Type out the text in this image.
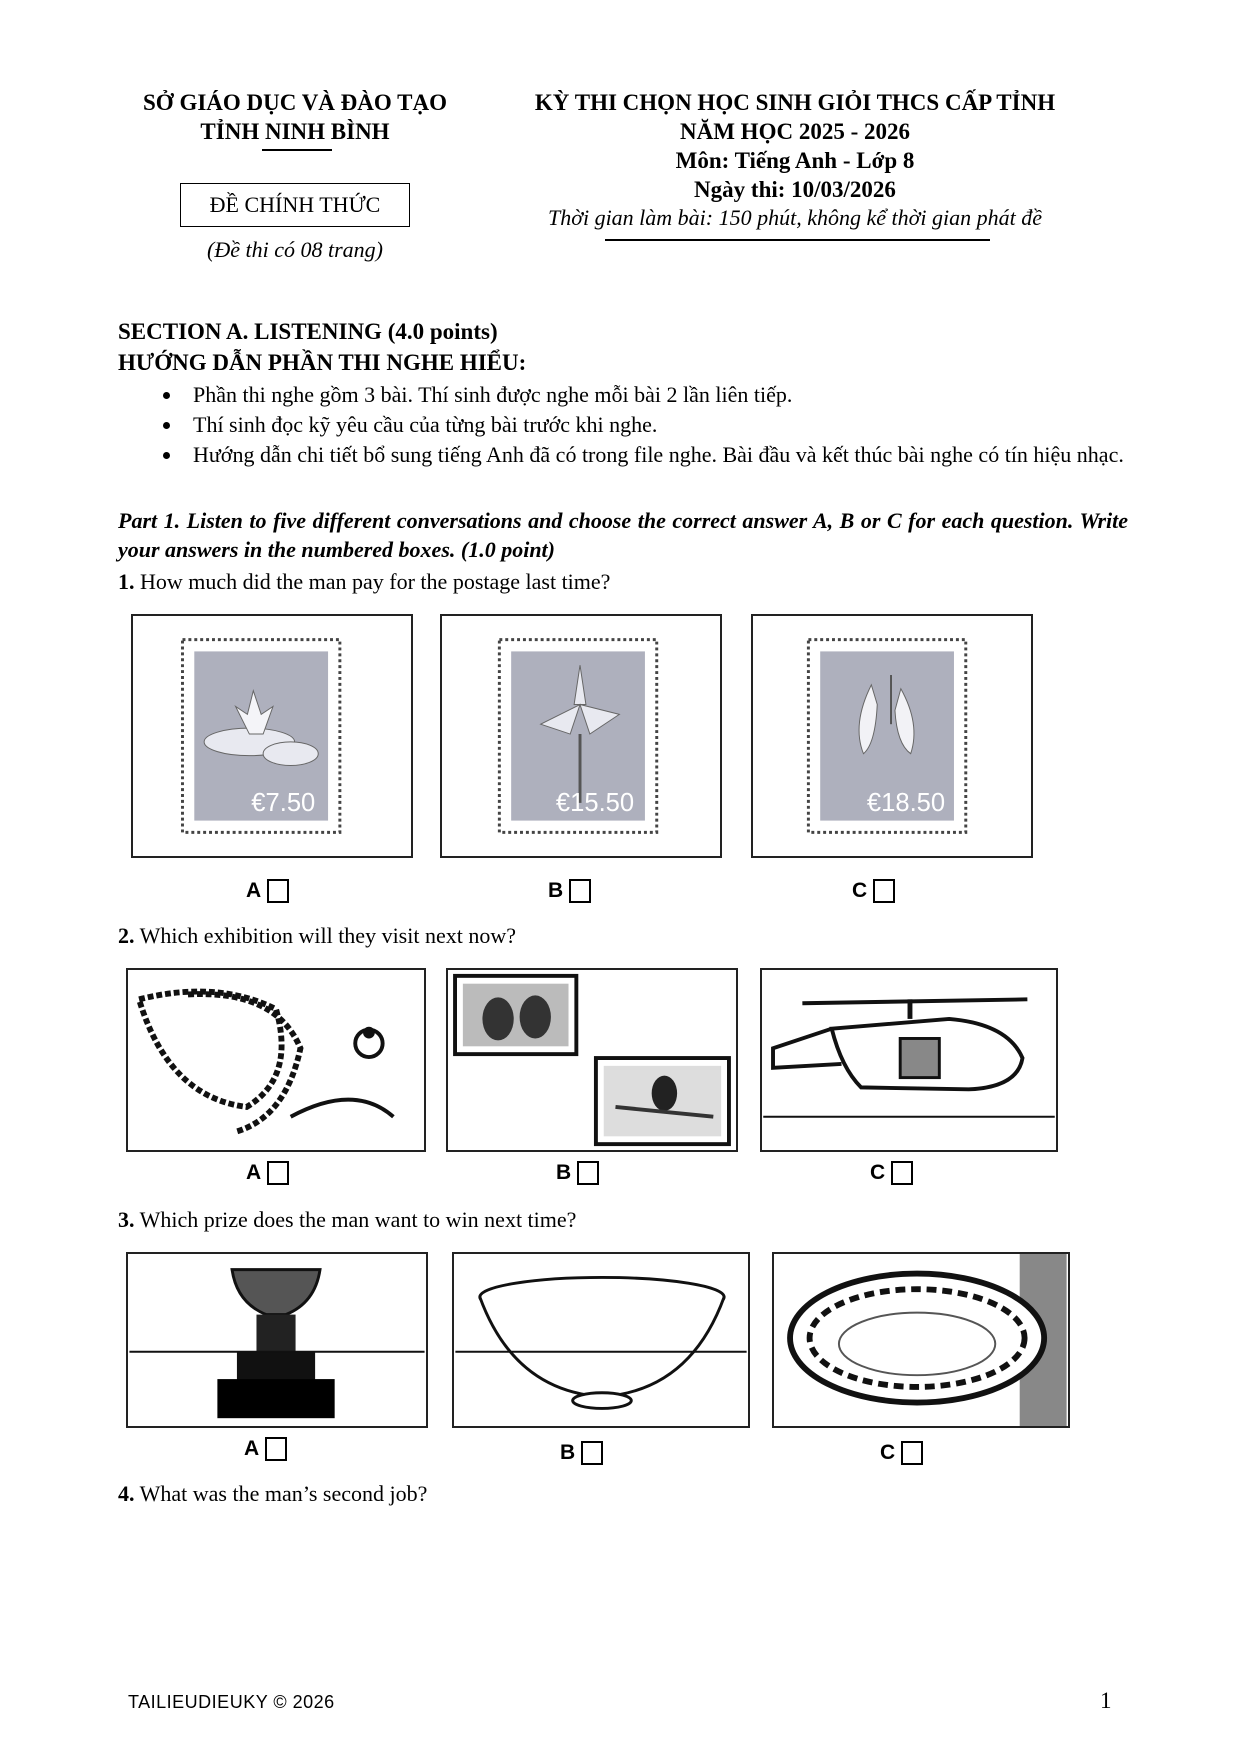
SỞ GIÁO DỤC VÀ ĐÀO TẠO
TỈNH NINH BÌNH
ĐỀ CHÍNH THỨC
(Đề thi có 08 trang)
KỲ THI CHỌN HỌC SINH GIỎI THCS CẤP TỈNH
NĂM HỌC 2025 - 2026
Môn: Tiếng Anh - Lớp 8
Ngày thi: 10/03/2026
Thời gian làm bài: 150 phút, không kể thời gian phát đề
SECTION A. LISTENING (4.0 points)
HƯỚNG DẪN PHẦN THI NGHE HIỂU:
Phần thi nghe gồm 3 bài. Thí sinh được nghe mỗi bài 2 lần liên tiếp.
Thí sinh đọc kỹ yêu cầu của từng bài trước khi nghe.
Hướng dẫn chi tiết bổ sung tiếng Anh đã có trong file nghe. Bài đầu và kết thúc bài nghe có tín hiệu nhạc.
Part 1. Listen to five different conversations and choose the correct answer A, B or C for each question. Write your answers in the numbered boxes. (1.0 point)
1. How much did the man pay for the postage last time?
€7.50	€15.50	€18.50
A	B	C
2. Which exhibition will they visit next now?
A	B	C
3. Which prize does the man want to win next time?
A	B	C
4. What was the man’s second job?
TAILIEUDIEUKY © 2026	1
